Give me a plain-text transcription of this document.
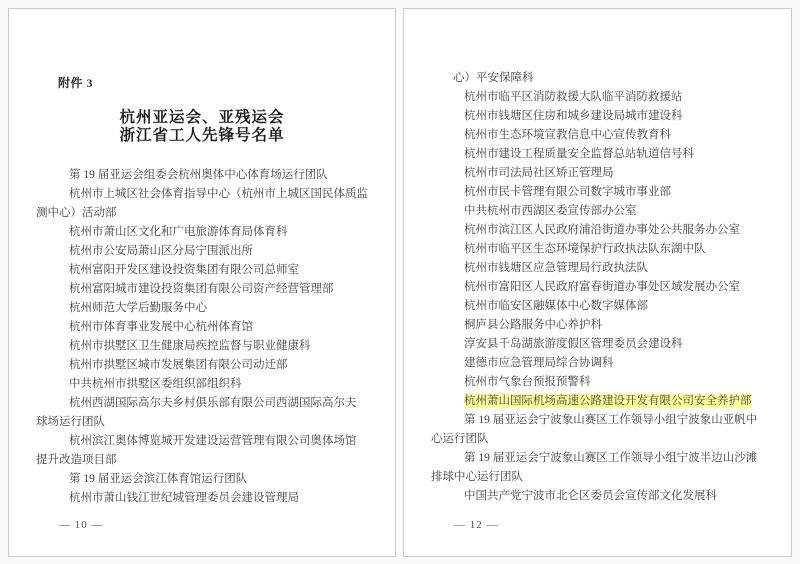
附件 3
杭州亚运会、亚残运会
浙江省工人先锋号名单
第 19 届亚运会组委会杭州奥体中心体育场运行团队
杭州市上城区社会体育指导中心（杭州市上城区国民体质监
测中心）活动部
杭州市萧山区文化和广电旅游体育局体育科
杭州市公安局萧山区分局宁围派出所
杭州富阳开发区建设投资集团有限公司总师室
杭州富阳城市建设投资集团有限公司资产经营管理部
杭州师范大学后勤服务中心
杭州市体育事业发展中心杭州体育馆
杭州市拱墅区卫生健康局疾控监督与职业健康科
杭州市拱墅区城市发展集团有限公司动迁部
中共杭州市拱墅区委组织部组织科
杭州西湖国际高尔夫乡村俱乐部有限公司西湖国际高尔夫
球场运行团队
杭州滨江奥体博览城开发建设运营管理有限公司奥体场馆
提升改造项目部
第 19 届亚运会滨江体育馆运行团队
杭州市萧山钱江世纪城管理委员会建设管理局
— 10 —
心）平安保障科
杭州市临平区消防救援大队临平消防救援站
杭州市钱塘区住房和城乡建设局城市建设科
杭州市生态环境宣教信息中心宣传教育科
杭州市建设工程质量安全监督总站轨道信号科
杭州市司法局社区矫正管理局
杭州市民卡管理有限公司数字城市事业部
中共杭州市西湖区委宣传部办公室
杭州市滨江区人民政府浦沿街道办事处公共服务办公室
杭州市临平区生态环境保护行政执法队东湖中队
杭州市钱塘区应急管理局行政执法队
杭州市富阳区人民政府富春街道办事处区域发展办公室
杭州市临安区融媒体中心数字媒体部
桐庐县公路服务中心养护科
淳安县千岛湖旅游度假区管理委员会建设科
建德市应急管理局综合协调科
杭州市气象台预报预警科
杭州萧山国际机场高速公路建设开发有限公司安全养护部
第 19 届亚运会宁波象山赛区工作领导小组宁波象山亚帆中
心运行团队
第 19 届亚运会宁波象山赛区工作领导小组宁波半边山沙滩
排球中心运行团队
中国共产党宁波市北仑区委员会宣传部文化发展科
— 12 —
